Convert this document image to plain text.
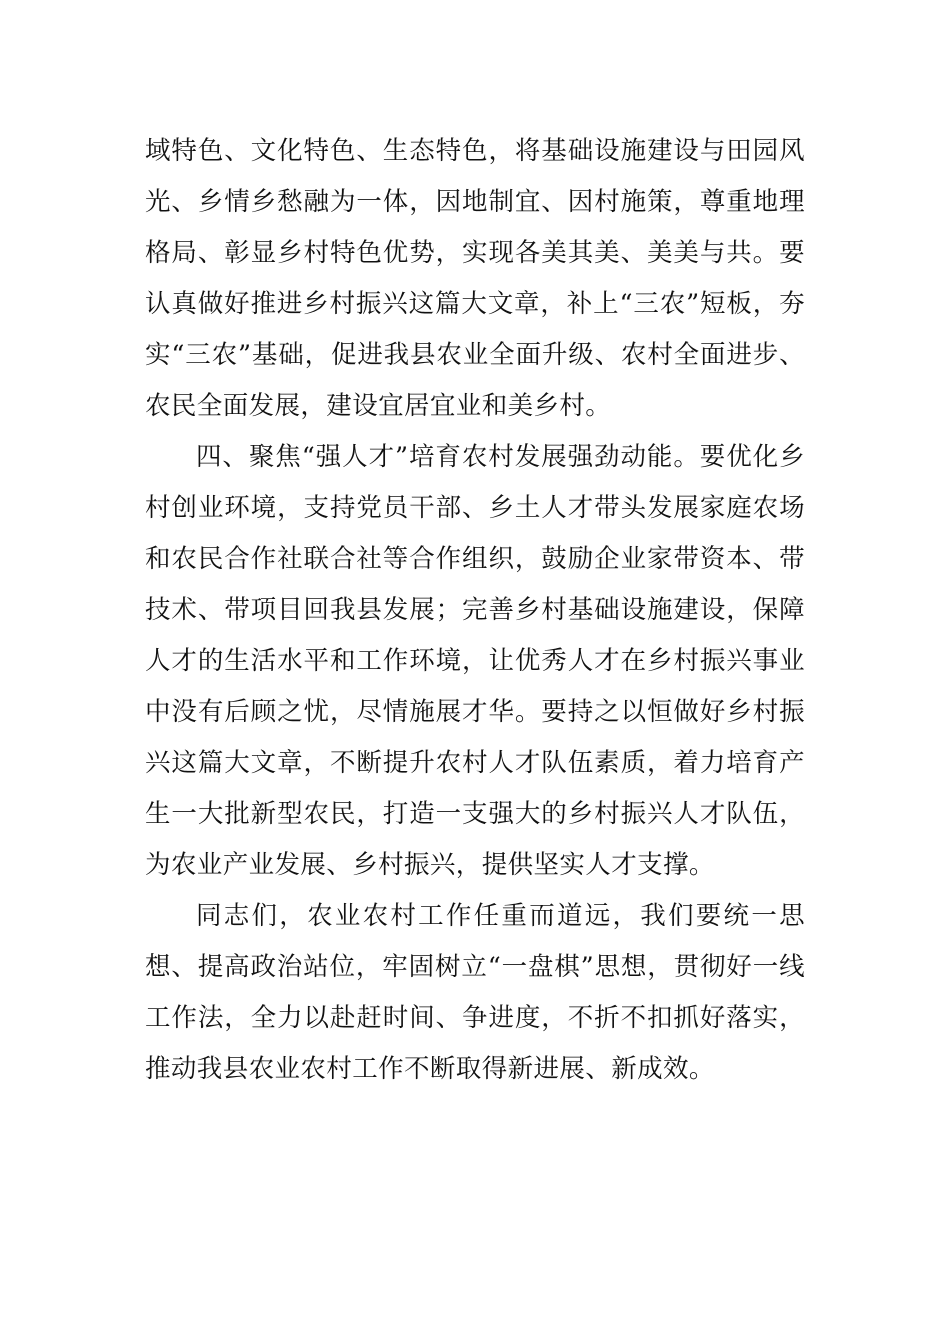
域特色、文化特色、生态特色，将基础设施建设与田园风光、乡情乡愁融为一体，因地制宜、因村施策，尊重地理格局、彰显乡村特色优势，实现各美其美、美美与共。要认真做好推进乡村振兴这篇大文章，补上“三农”短板，夯实“三农”基础，促进我县农业全面升级、农村全面进步、农民全面发展，建设宜居宜业和美乡村。

四、聚焦“强人才”培育农村发展强劲动能。要优化乡村创业环境，支持党员干部、乡土人才带头发展家庭农场和农民合作社联合社等合作组织，鼓励企业家带资本、带技术、带项目回我县发展；完善乡村基础设施建设，保障人才的生活水平和工作环境，让优秀人才在乡村振兴事业中没有后顾之忧，尽情施展才华。要持之以恒做好乡村振兴这篇大文章，不断提升农村人才队伍素质，着力培育产生一大批新型农民，打造一支强大的乡村振兴人才队伍，为农业产业发展、乡村振兴，提供坚实人才支撑。

同志们，农业农村工作任重而道远，我们要统一思想、提高政治站位，牢固树立“一盘棋”思想，贯彻好一线工作法，全力以赴赶时间、争进度，不折不扣抓好落实，推动我县农业农村工作不断取得新进展、新成效。
